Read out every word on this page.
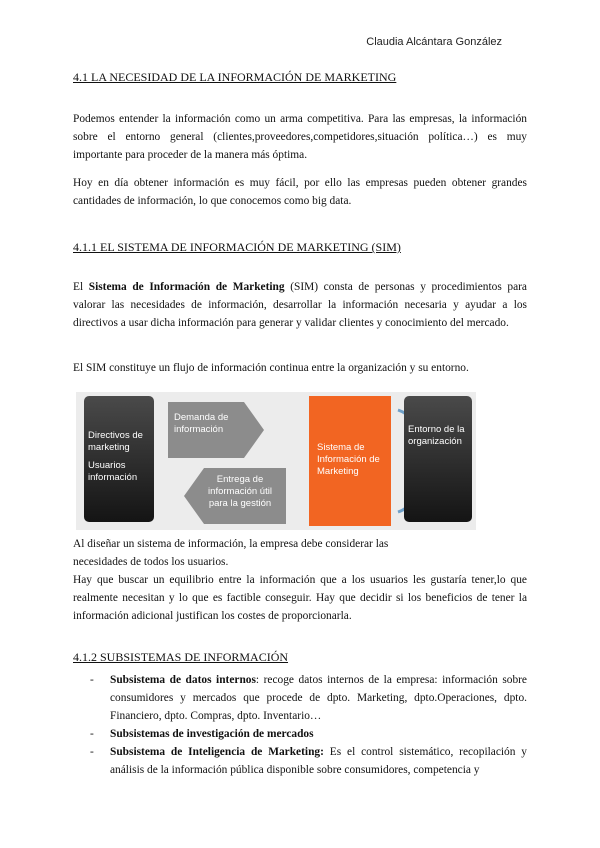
Claudia Alcántara González
4.1 LA NECESIDAD DE LA INFORMACIÓN DE MARKETING

Podemos entender la información como un arma competitiva. Para las empresas, la información sobre el entorno general (clientes,proveedores,competidores,situación política…) es muy importante para proceder de la manera más óptima.

Hoy en día obtener información es muy fácil, por ello las empresas pueden obtener grandes cantidades de información, lo que conocemos como big data.

4.1.1 EL SISTEMA DE INFORMACIÓN DE MARKETING (SIM)

El Sistema de Información de Marketing (SIM) consta de personas y procedimientos para valorar las necesidades de información, desarrollar la información necesaria y ayudar a los directivos a usar dicha información para generar y validar clientes y conocimiento del mercado.

El SIM constituye un flujo de información continua entre la organización y su entorno.

Directivos de marketing
Usuarios información
Demanda de información
Entrega de información útil para la gestión
Sistema de Información de Marketing
Entorno de la organización

Al diseñar un sistema de información, la empresa debe considerar las necesidades de todos los usuarios.

Hay que buscar un equilibrio entre la información que a los usuarios les gustaría tener,lo que realmente necesitan y lo que es factible conseguir. Hay que decidir si los beneficios de tener la información adicional justifican los costes de proporcionarla.

4.1.2 SUBSISTEMAS DE INFORMACIÓN
- Subsistema de datos internos: recoge datos internos de la empresa: información sobre consumidores y mercados que procede de dpto. Marketing, dpto.Operaciones, dpto. Financiero, dpto. Compras, dpto. Inventario…
- Subsistemas de investigación de mercados
- Subsistema de Inteligencia de Marketing: Es el control sistemático, recopilación y análisis de la información pública disponible sobre consumidores, competencia y
